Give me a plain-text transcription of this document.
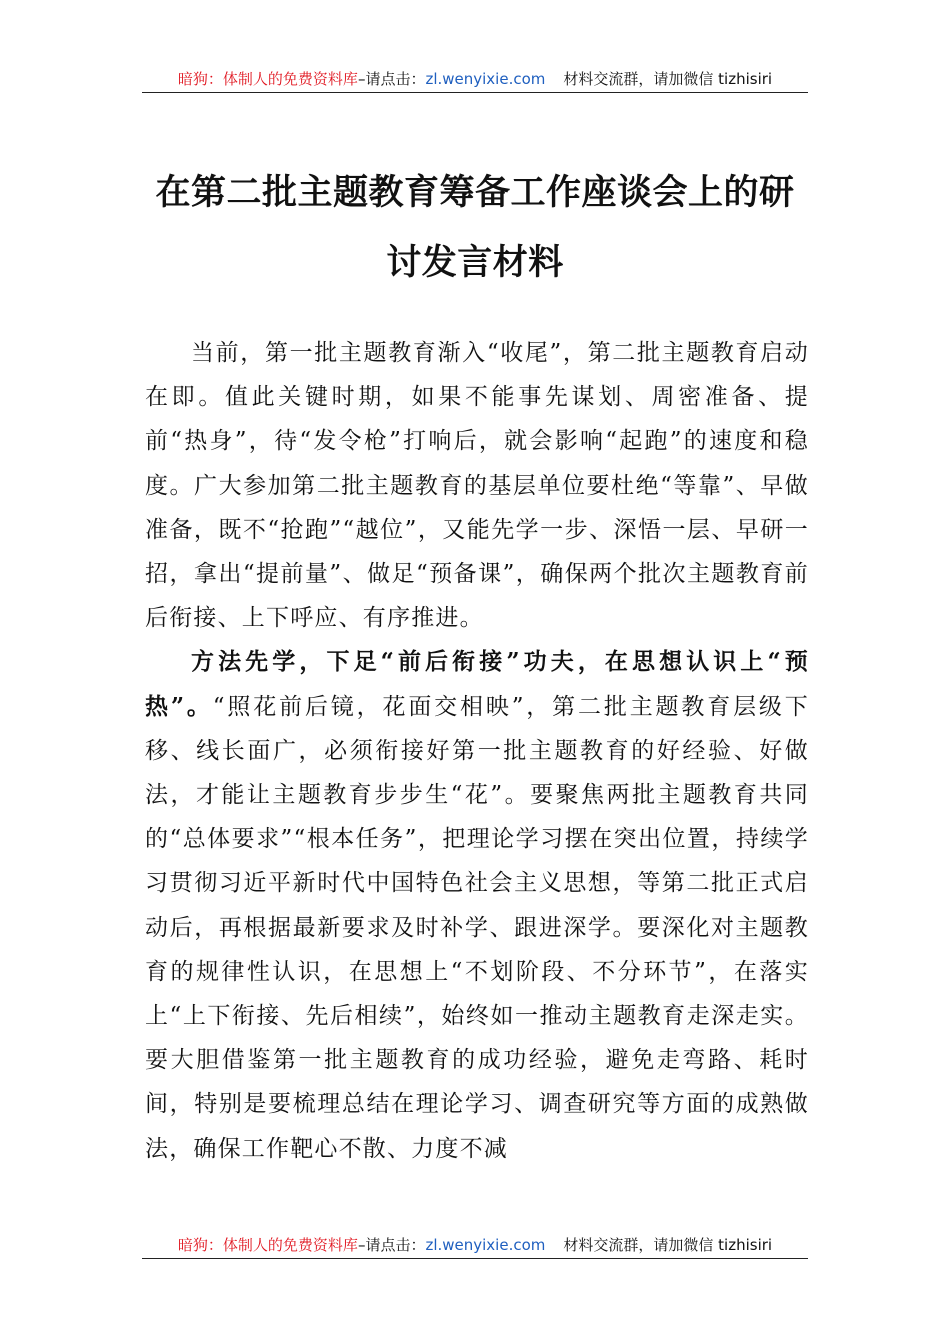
暗狗：体制人的免费资料库–请点击：zl.wenyixie.com 材料交流群，请加微信 tizhisiri
在第二批主题教育筹备工作座谈会上的研
讨发言材料

当前，第一批主题教育渐入“收尾”，第二批主题教育启动在即。值此关键时期，如果不能事先谋划、周密准备、提前“热身”，待“发令枪”打响后，就会影响“起跑”的速度和稳度。广大参加第二批主题教育的基层单位要杜绝“等靠”、早做准备，既不“抢跑”“越位”，又能先学一步、深悟一层、早研一招，拿出“提前量”、做足“预备课”，确保两个批次主题教育前后衔接、上下呼应、有序推进。

方法先学，下足“前后衔接”功夫，在思想认识上“预热”。“照花前后镜，花面交相映”，第二批主题教育层级下移、线长面广，必须衔接好第一批主题教育的好经验、好做法，才能让主题教育步步生“花”。要聚焦两批主题教育共同的“总体要求”“根本任务”，把理论学习摆在突出位置，持续学习贯彻习近平新时代中国特色社会主义思想，等第二批正式启动后，再根据最新要求及时补学、跟进深学。要深化对主题教育的规律性认识，在思想上“不划阶段、不分环节”，在落实上“上下衔接、先后相续”，始终如一推动主题教育走深走实。要大胆借鉴第一批主题教育的成功经验，避免走弯路、耗时间，特别是要梳理总结在理论学习、调查研究等方面的成熟做法，确保工作靶心不散、力度不减

暗狗：体制人的免费资料库–请点击：zl.wenyixie.com 材料交流群，请加微信 tizhisiri
